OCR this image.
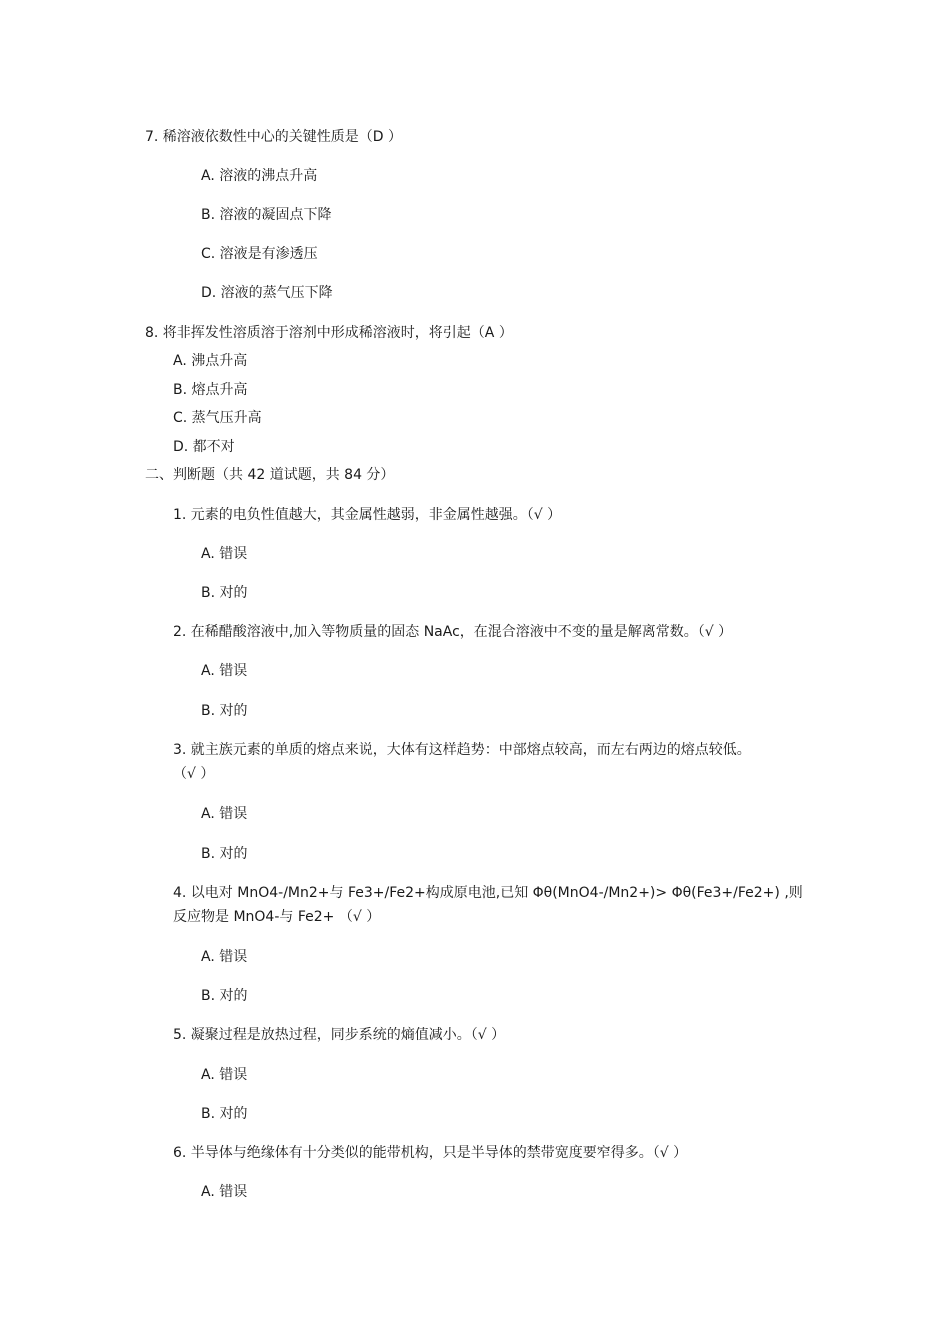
7. 稀溶液依数性中心的关键性质是（D ）
A. 溶液的沸点升高
B. 溶液的凝固点下降
C. 溶液是有渗透压
D. 溶液的蒸气压下降
8. 将非挥发性溶质溶于溶剂中形成稀溶液时，将引起（A ）
A. 沸点升高
B. 熔点升高
C. 蒸气压升高
D. 都不对
二、判断题（共 42 道试题，共 84 分）
1. 元素的电负性值越大，其金属性越弱，非金属性越强。（√ ）
A. 错误
B. 对的
2. 在稀醋酸溶液中,加入等物质量的固态 NaAc，在混合溶液中不变的量是解离常数。（√ ）
A. 错误
B. 对的
3. 就主族元素的单质的熔点来说，大体有这样趋势：中部熔点较高，而左右两边的熔点较低。
（√ ）
A. 错误
B. 对的
4. 以电对 MnO4-/Mn2+与 Fe3+/Fe2+构成原电池,已知 Φθ(MnO4-/Mn2+)> Φθ(Fe3+/Fe2+) ,则
反应物是 MnO4-与 Fe2+ （√ ）
A. 错误
B. 对的
5. 凝聚过程是放热过程，同步系统的熵值减小。（√ ）
A. 错误
B. 对的
6. 半导体与绝缘体有十分类似的能带机构，只是半导体的禁带宽度要窄得多。（√ ）
A. 错误
